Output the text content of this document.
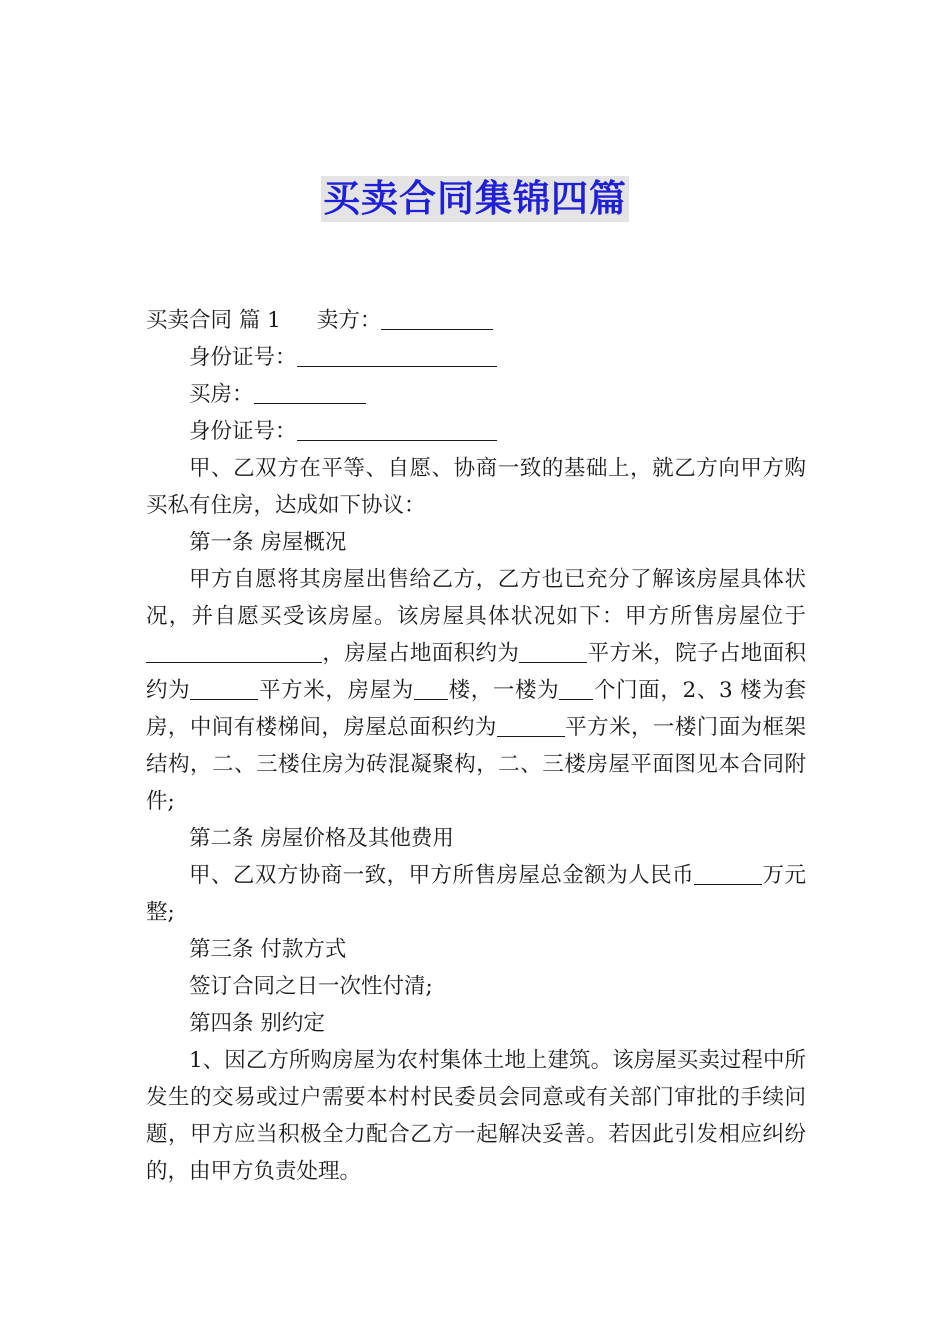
买卖合同集锦四篇

买卖合同 篇 1 卖方：

身份证号：

买房：

身份证号：

甲、乙双方在平等、自愿、协商一致的基础上，就乙方向甲方购买私有住房，达成如下协议：

第一条 房屋概况

甲方自愿将其房屋出售给乙方，乙方也已充分了解该房屋具体状况，并自愿买受该房屋。该房屋具体状况如下：甲方所售房屋位于，房屋占地面积约为	平方米，院子占地面积约为	平方米，房屋为 楼，一楼为 个门面，2、3 楼为套房，中间有楼梯间，房屋总面积约为	平方米，一楼门面为框架结构，二、三楼住房为砖混凝聚构，二、三楼房屋平面图见本合同附件;

第二条 房屋价格及其他费用

甲、乙双方协商一致，甲方所售房屋总金额为人民币	万元整;

第三条 付款方式

签订合同之日一次性付清;

第四条 别约定

1、因乙方所购房屋为农村集体土地上建筑。该房屋买卖过程中所发生的交易或过户需要本村村民委员会同意或有关部门审批的手续问题，甲方应当积极全力配合乙方一起解决妥善。若因此引发相应纠纷的，由甲方负责处理。
